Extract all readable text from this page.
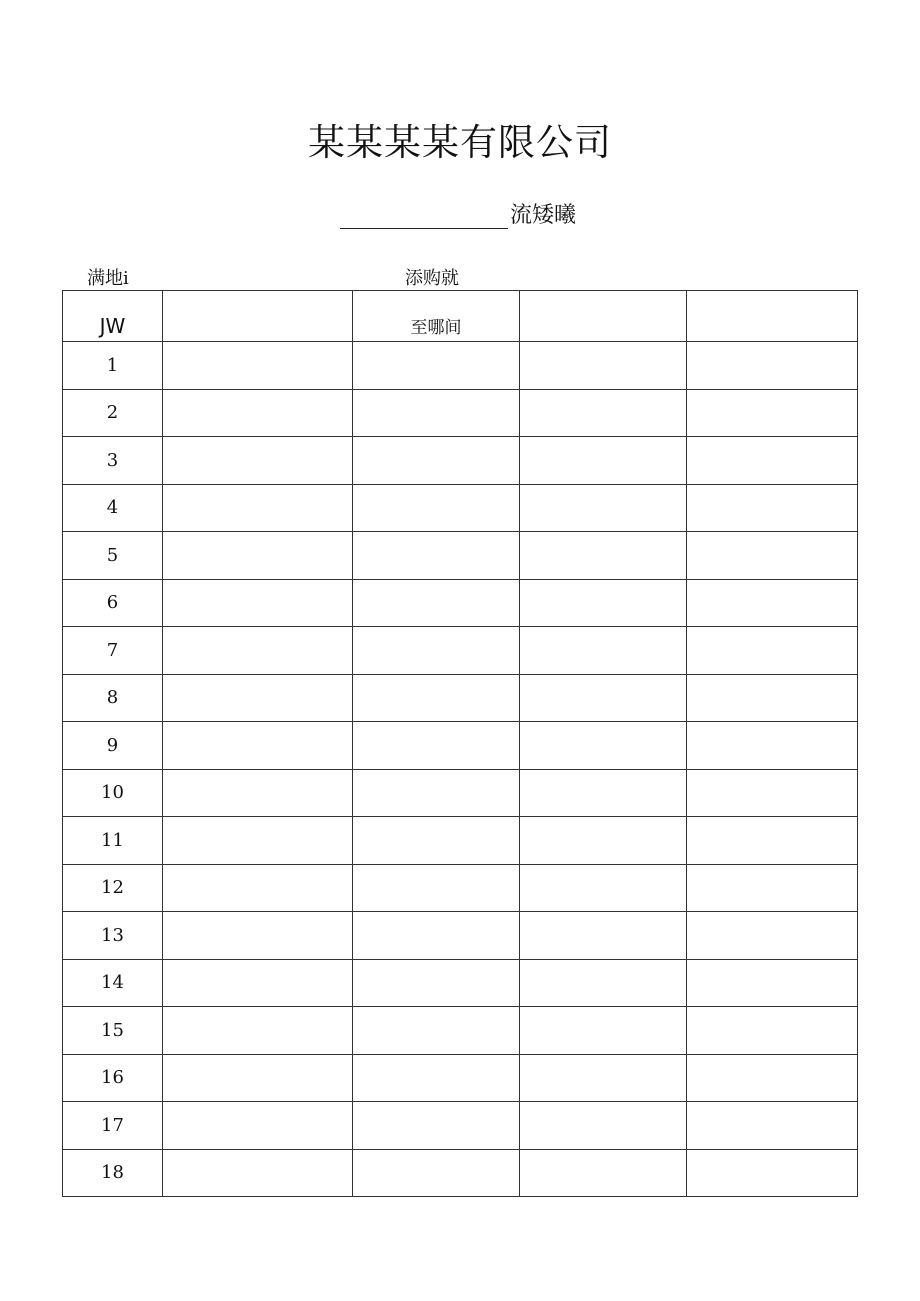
某某某某有限公司
流矮曦
满地i	添购就
JW		至哪间		
1				
2				
3				
4				
5				
6				
7				
8				
9				
10				
11				
12				
13				
14				
15				
16				
17				
18				
